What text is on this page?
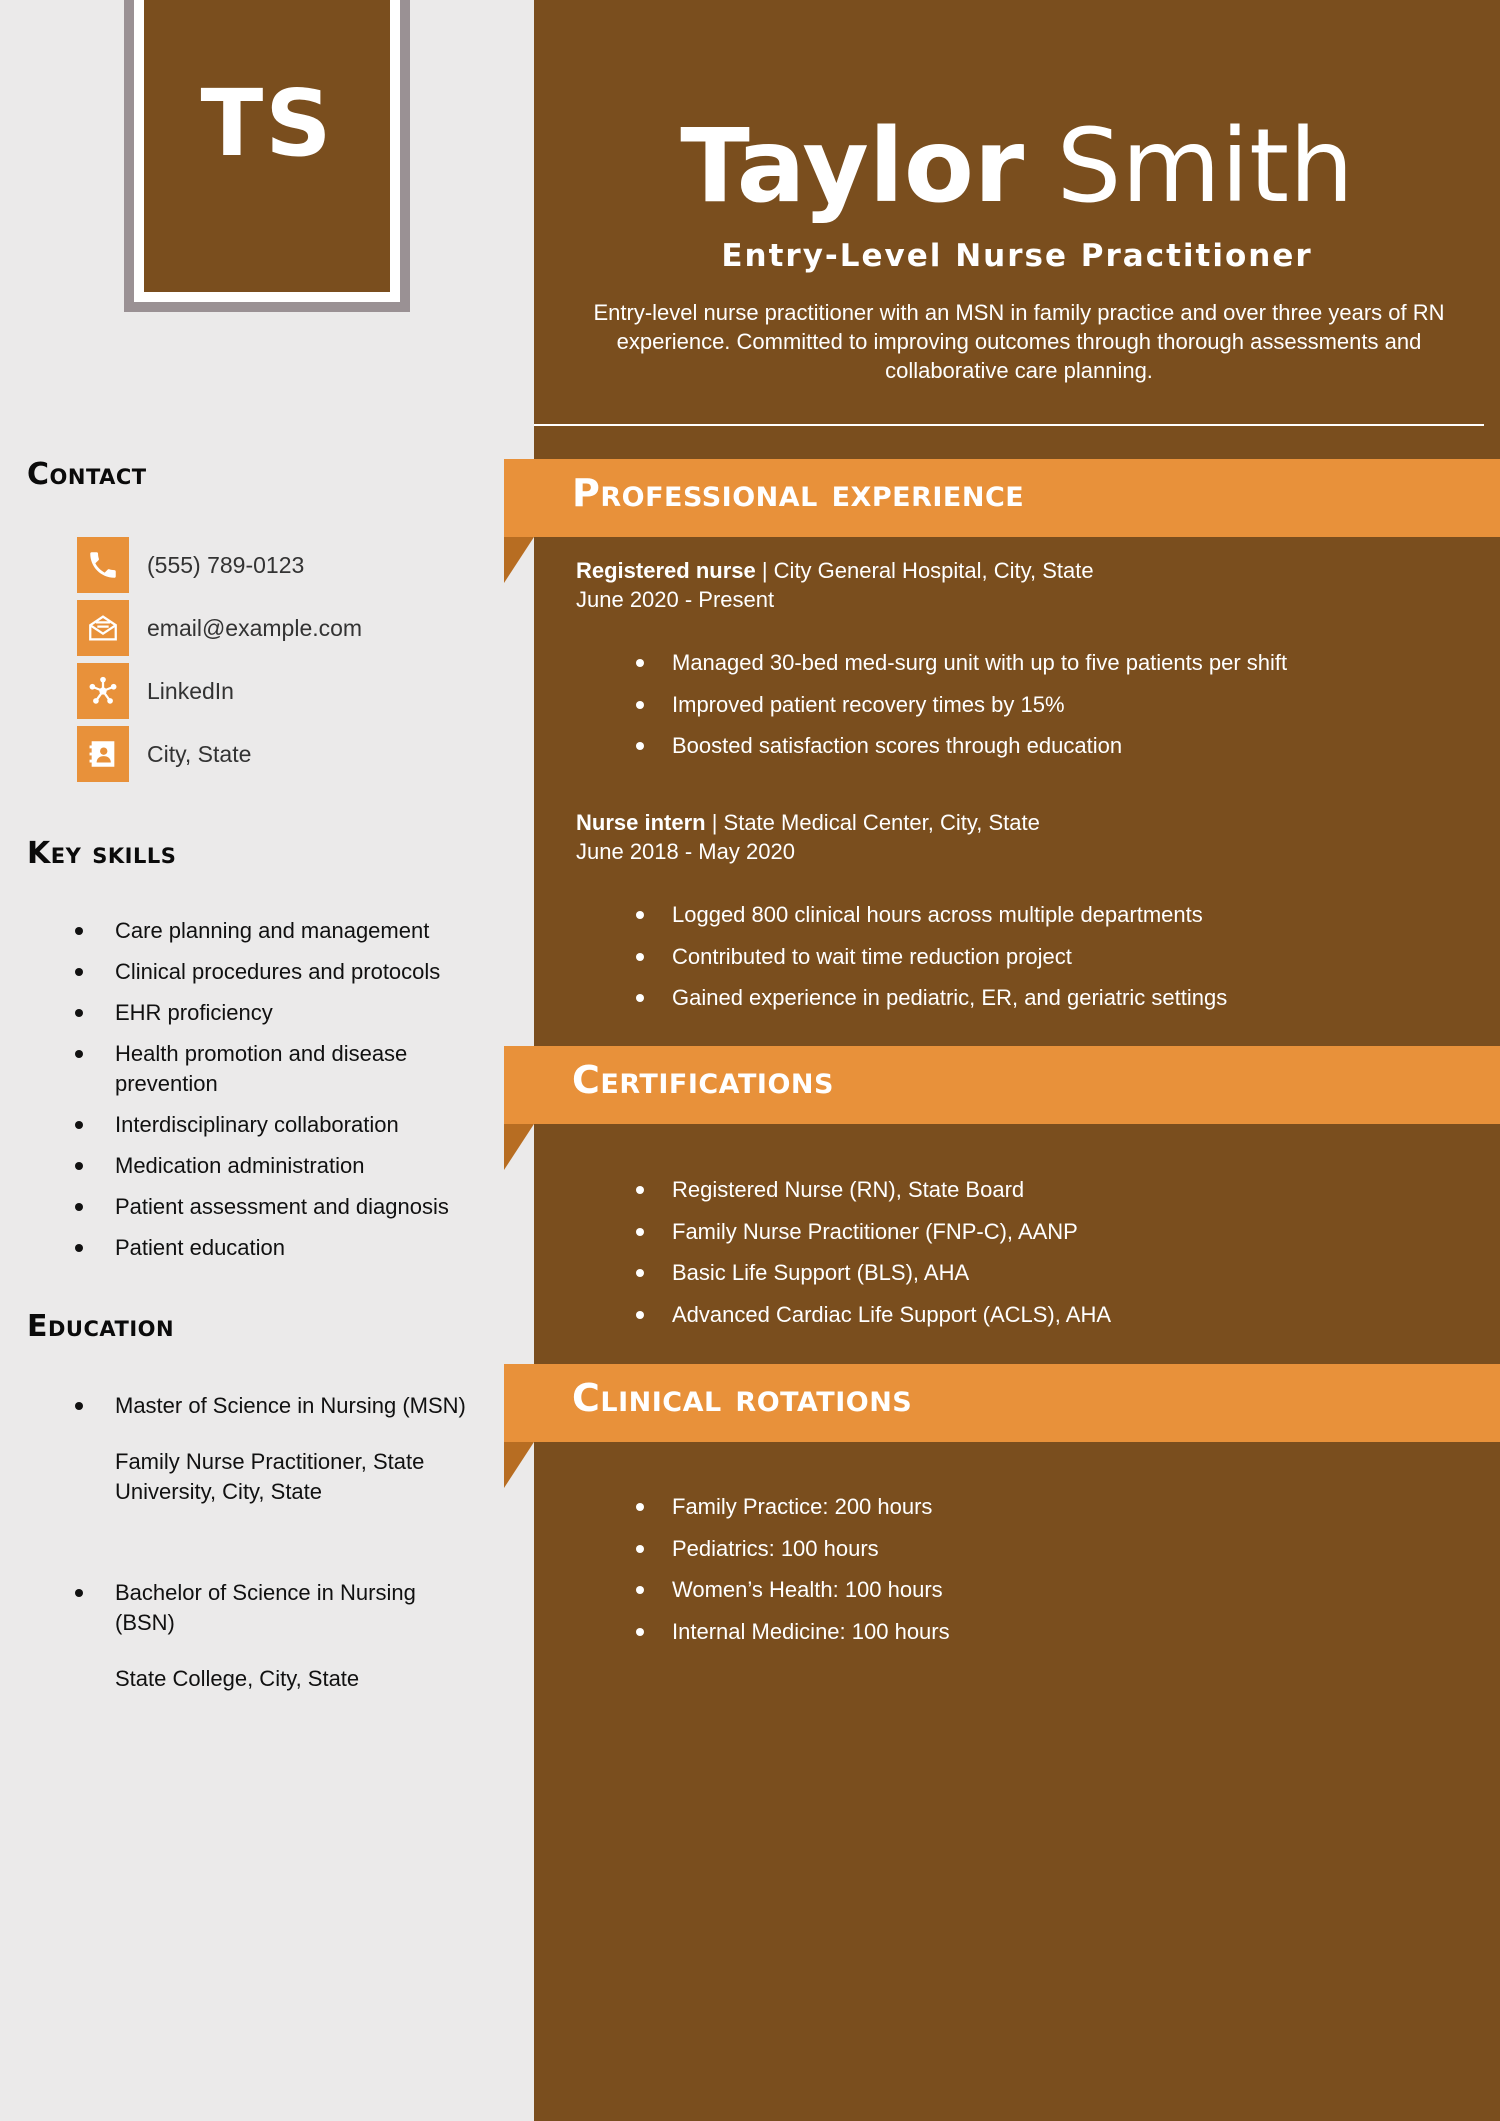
TS
Contact
(555) 789-0123
email@example.com
LinkedIn
City, State
Key skills
Care planning and management
Clinical procedures and protocols
EHR proficiency
Health promotion and disease prevention
Interdisciplinary collaboration
Medication administration
Patient assessment and diagnosis
Patient education
Education
Master of Science in Nursing (MSN)
Family Nurse Practitioner, State University, City, State
Bachelor of Science in Nursing (BSN)
State College, City, State
Taylor Smith
Entry-Level Nurse Practitioner
Entry-level nurse practitioner with an MSN in family practice and over three years of RN experience. Committed to improving outcomes through thorough assessments and collaborative care planning.
Professional experience
Registered nurse | City General Hospital, City, State
June 2020 - Present
Managed 30-bed med-surg unit with up to five patients per shift
Improved patient recovery times by 15%
Boosted satisfaction scores through education
Nurse intern | State Medical Center, City, State
June 2018 - May 2020
Logged 800 clinical hours across multiple departments
Contributed to wait time reduction project
Gained experience in pediatric, ER, and geriatric settings
Certifications
Registered Nurse (RN), State Board
Family Nurse Practitioner (FNP-C), AANP
Basic Life Support (BLS), AHA
Advanced Cardiac Life Support (ACLS), AHA
Clinical rotations
Family Practice: 200 hours
Pediatrics: 100 hours
Women’s Health: 100 hours
Internal Medicine: 100 hours
